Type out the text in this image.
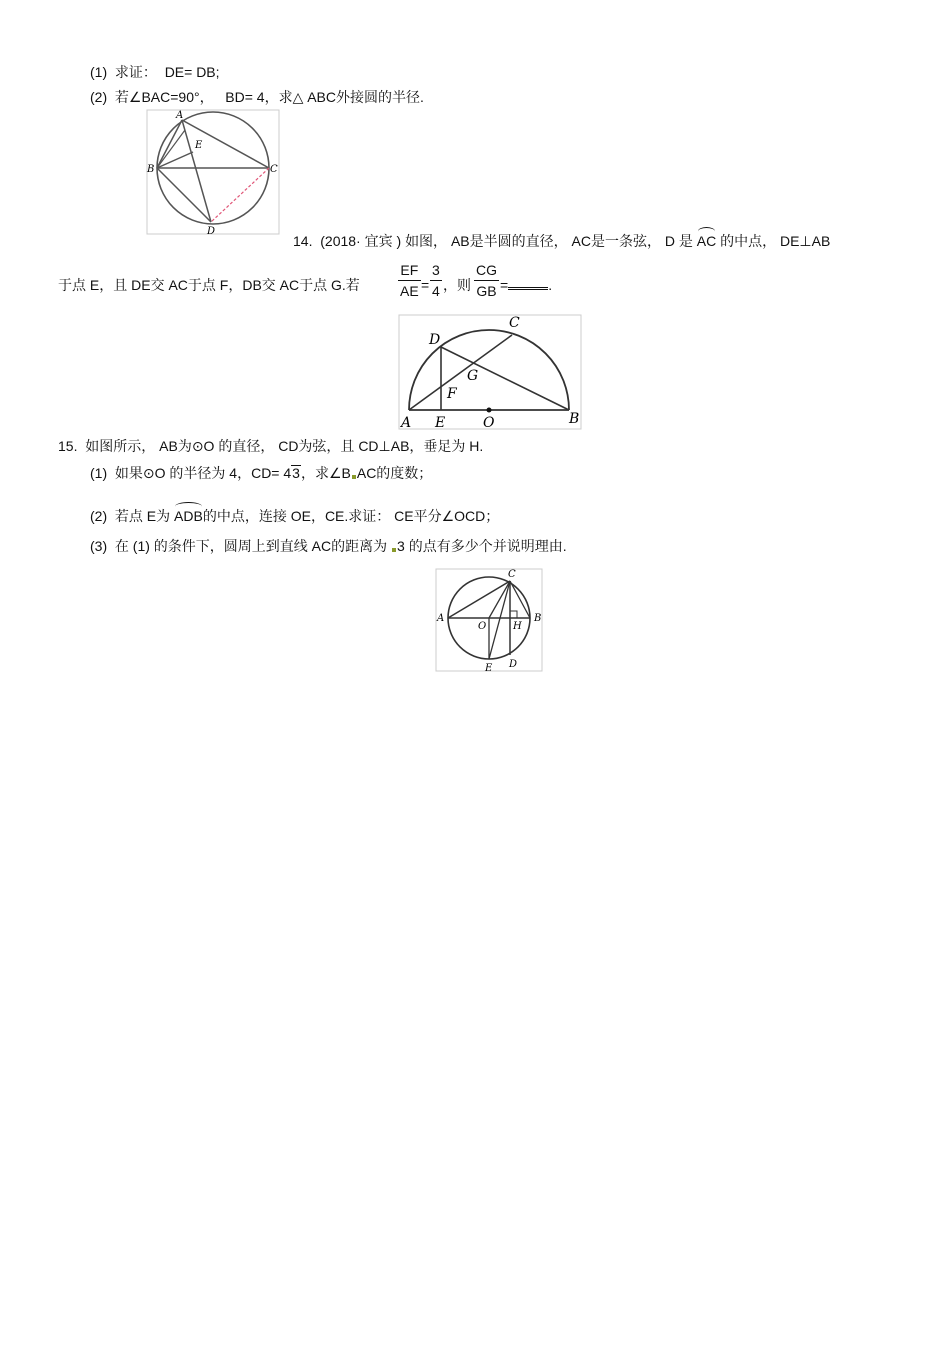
(1) 求证： DE= DB;
(2) 若∠BAC=90°， BD= 4，求△ ABC外接圆的半径.
A
E
B	C
D
14. (2018· 宜宾 ) 如图， AB是半圆的直径， AC是一条弦， D 是 AC 的中点， DE⊥AB
于点 E，且 DE交 AC于点 F，DB交 AC于点 G.若
EF
AE =
3
4 ，则
CG
GB =	.
D
C
G
F
A E	O	B
15. 如图所示， AB为⊙O 的直径， CD为弦，且 CD⊥AB，垂足为 H.
(1) 如果⊙O 的半径为 4，CD= 43，求∠B AC的度数；
(2) 若点 E为 ADB的中点，连接 OE，CE.求证： CE平分∠OCD；
(3) 在 (1) 的条件下，圆周上到直线 AC的距离为 3 的点有多少个并说明理由.
C
A
O	H
B
E D
